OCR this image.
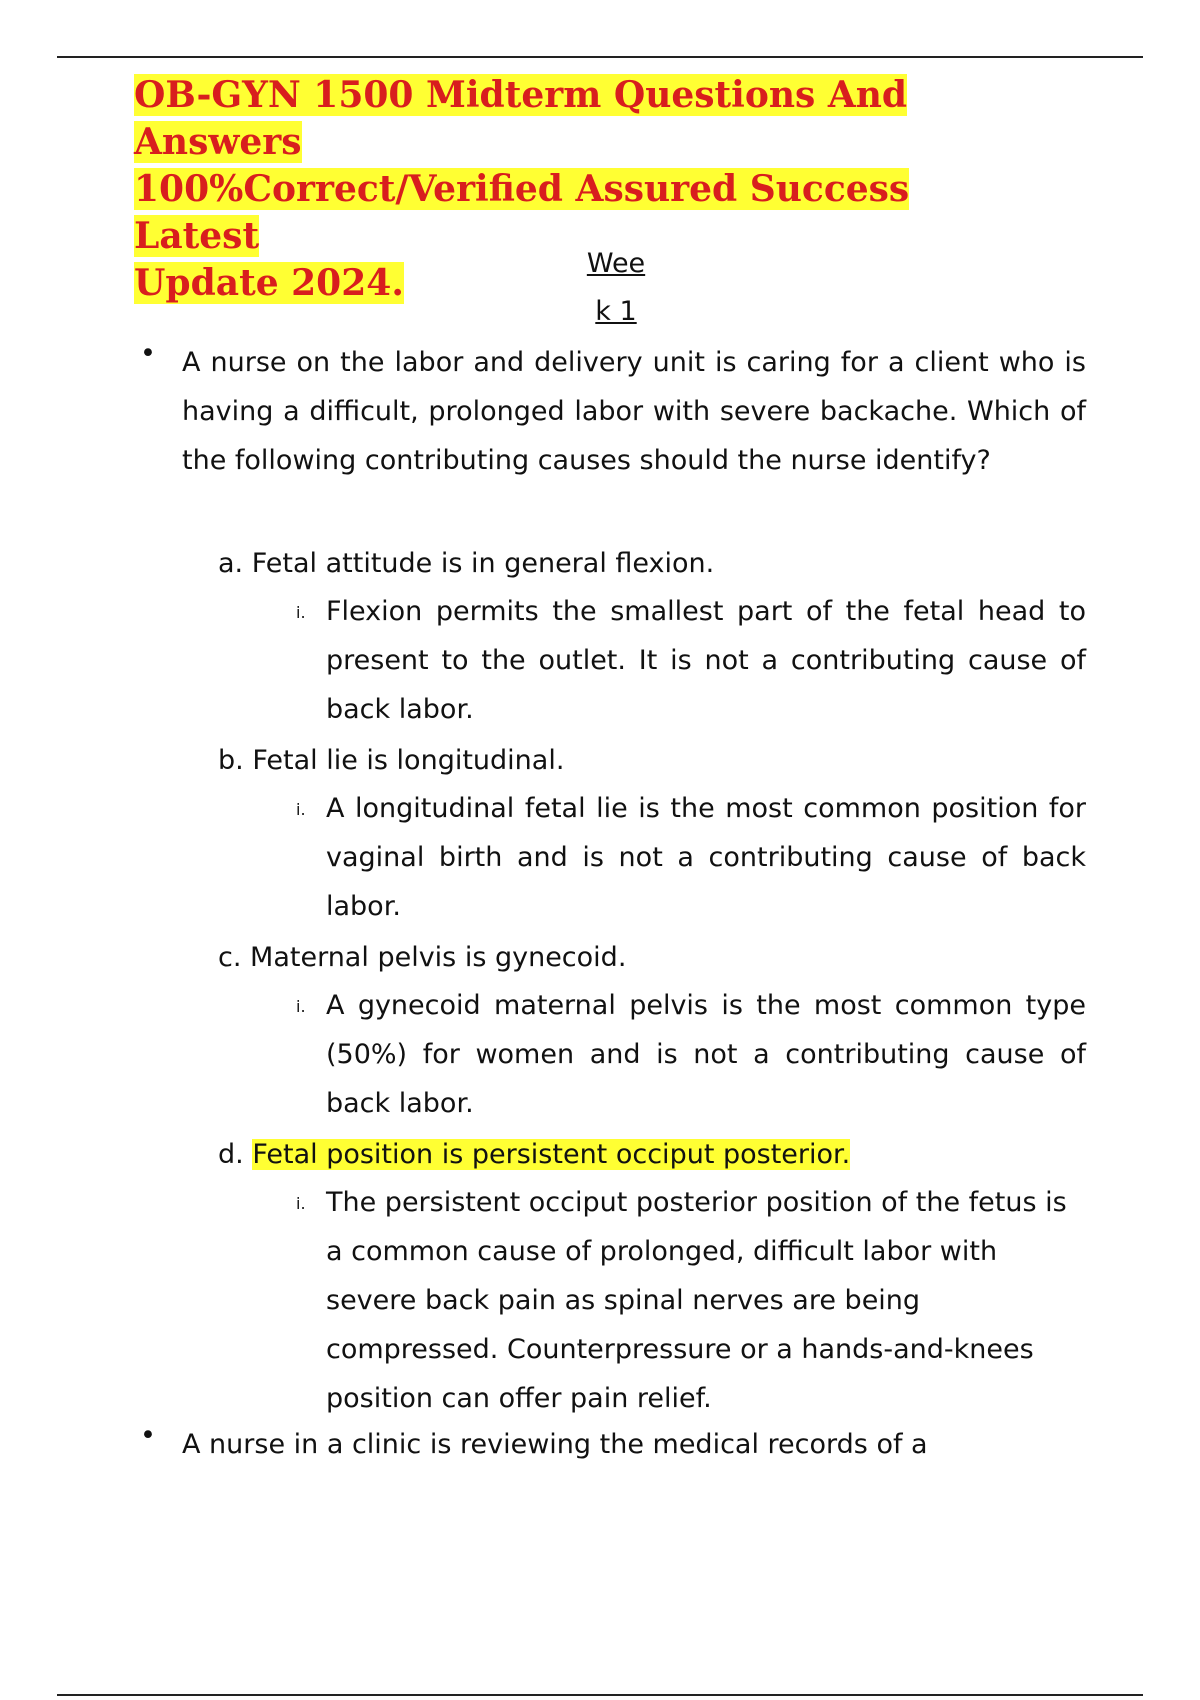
OB-GYN 1500 Midterm Questions And Answers
100%Correct/Verified Assured Success Latest
Update 2024.	Wee
k 1
• A nurse on the labor and delivery unit is caring for a client who is having a difficult, prolonged labor with severe backache. Which of the following contributing causes should the nurse identify?
a. Fetal attitude is in general flexion.
i. Flexion permits the smallest part of the fetal head to present to the outlet. It is not a contributing cause of back labor.
b. Fetal lie is longitudinal.
i. A longitudinal fetal lie is the most common position for vaginal birth and is not a contributing cause of back labor.
c. Maternal pelvis is gynecoid.
i. A gynecoid maternal pelvis is the most common type (50%) for women and is not a contributing cause of back labor.
d. Fetal position is persistent occiput posterior.
i. The persistent occiput posterior position of the fetus is a common cause of prolonged, difficult labor with severe back pain as spinal nerves are being compressed. Counterpressure or a hands-and-knees position can offer pain relief.
• A nurse in a clinic is reviewing the medical records of a
